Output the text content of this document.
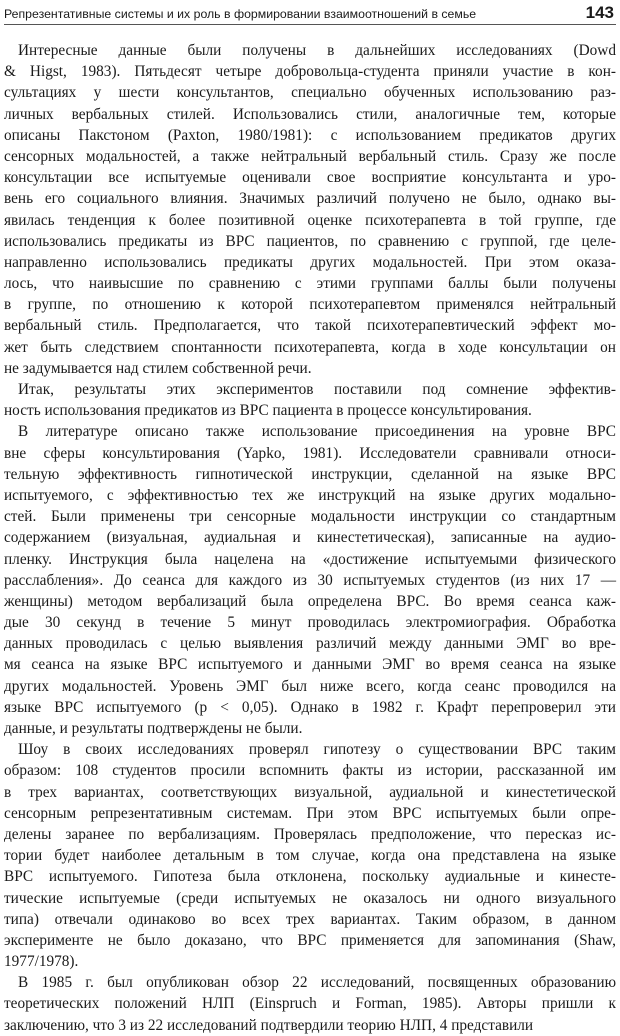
Репрезентативные системы и их роль в формировании взаимоотношений в семье	143
Интересные данные были получены в дальнейших исследованиях (Dowd
& Higst, 1983). Пятьдесят четыре добровольца-студента приняли участие в кон-
сультациях у шести консультантов, специально обученных использованию раз-
личных вербальных стилей. Использовались стили, аналогичные тем, которые
описаны Пакстоном (Paxton, 1980/1981): с использованием предикатов других
сенсорных модальностей, а также нейтральный вербальный стиль. Сразу же после
консультации все испытуемые оценивали свое восприятие консультанта и уро-
вень его социального влияния. Значимых различий получено не было, однако вы-
явилась тенденция к более позитивной оценке психотерапевта в той группе, где
использовались предикаты из ВРС пациентов, по сравнению с группой, где целе-
направленно использовались предикаты других модальностей. При этом оказа-
лось, что наивысшие по сравнению с этими группами баллы были получены
в группе, по отношению к которой психотерапевтом применялся нейтральный
вербальный стиль. Предполагается, что такой психотерапевтический эффект мо-
жет быть следствием спонтанности психотерапевта, когда в ходе консультации он
не задумывается над стилем собственной речи.
Итак, результаты этих экспериментов поставили под сомнение эффектив-
ность использования предикатов из ВРС пациента в процессе консультирования.
В литературе описано также использование присоединения на уровне ВРС
вне сферы консультирования (Yapko, 1981). Исследователи сравнивали относи-
тельную эффективность гипнотической инструкции, сделанной на языке ВРС
испытуемого, с эффективностью тех же инструкций на языке других модально-
стей. Были применены три сенсорные модальности инструкции со стандартным
содержанием (визуальная, аудиальная и кинестетическая), записанные на аудио-
пленку. Инструкция была нацелена на «достижение испытуемыми физического
расслабления». До сеанса для каждого из 30 испытуемых студентов (из них 17 —
женщины) методом вербализаций была определена ВРС. Во время сеанса каж-
дые 30 секунд в течение 5 минут проводилась электромиография. Обработка
данных проводилась с целью выявления различий между данными ЭМГ во вре-
мя сеанса на языке ВРС испытуемого и данными ЭМГ во время сеанса на языке
других модальностей. Уровень ЭМГ был ниже всего, когда сеанс проводился на
языке ВРС испытуемого (p < 0,05). Однако в 1982 г. Крафт перепроверил эти
данные, и результаты подтверждены не были.
Шоу в своих исследованиях проверял гипотезу о существовании ВРС таким
образом: 108 студентов просили вспомнить факты из истории, рассказанной им
в трех вариантах, соответствующих визуальной, аудиальной и кинестетической
сенсорным репрезентативным системам. При этом ВРС испытуемых были опре-
делены заранее по вербализациям. Проверялась предположение, что пересказ ис-
тории будет наиболее детальным в том случае, когда она представлена на языке
ВРС испытуемого. Гипотеза была отклонена, поскольку аудиальные и кинесте-
тические испытуемые (среди испытуемых не оказалось ни одного визуального
типа) отвечали одинаково во всех трех вариантах. Таким образом, в данном
эксперименте не было доказано, что ВРС применяется для запоминания (Shaw,
1977/1978).
В 1985 г. был опубликован обзор 22 исследований, посвященных образованию
теоретических положений НЛП (Einspruch и Forman, 1985). Авторы пришли к
заключению, что 3 из 22 исследований подтвердили теорию НЛП, 4 представили
